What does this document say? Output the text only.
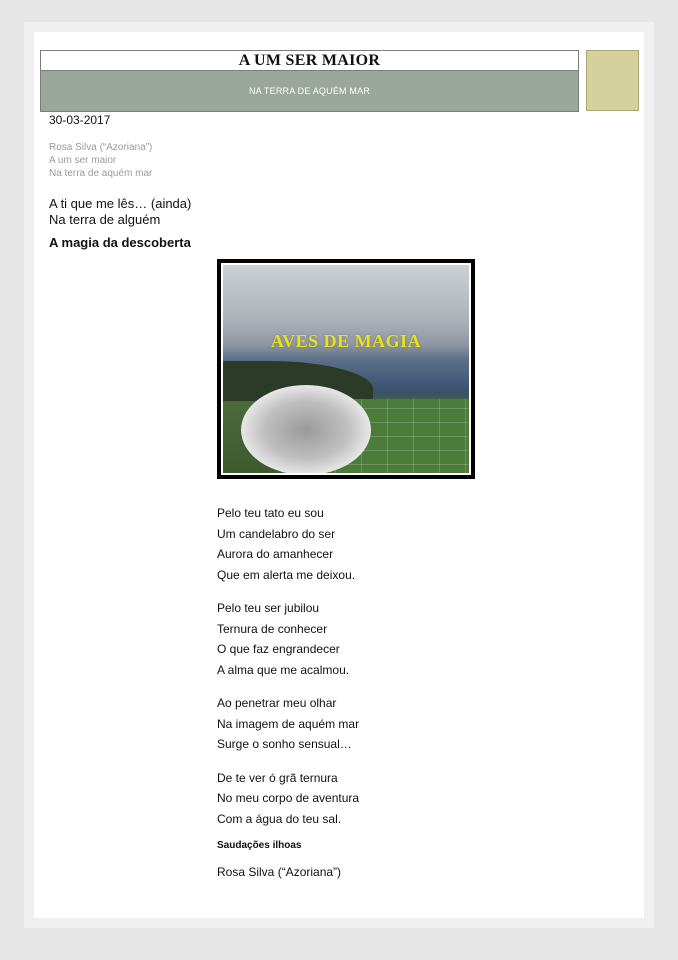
A UM SER MAIOR
NA TERRA DE AQUÉM MAR
30-03-2017
Rosa Silva (“Azoriana”)
A um ser maior
Na terra de aquém mar
A ti que me lês… (ainda)
Na terra de alguém
A magia da descoberta
AVES DE MAGIA
Pelo teu tato eu sou
Um candelabro do ser
Aurora do amanhecer
Que em alerta me deixou.
Pelo teu ser jubilou
Ternura de conhecer
O que faz engrandecer
A alma que me acalmou.
Ao penetrar meu olhar
Na imagem de aquém mar
Surge o sonho sensual…
De te ver ó grã ternura
No meu corpo de aventura
Com a água do teu sal.
Saudações ilhoas
Rosa Silva (“Azoriana”)
